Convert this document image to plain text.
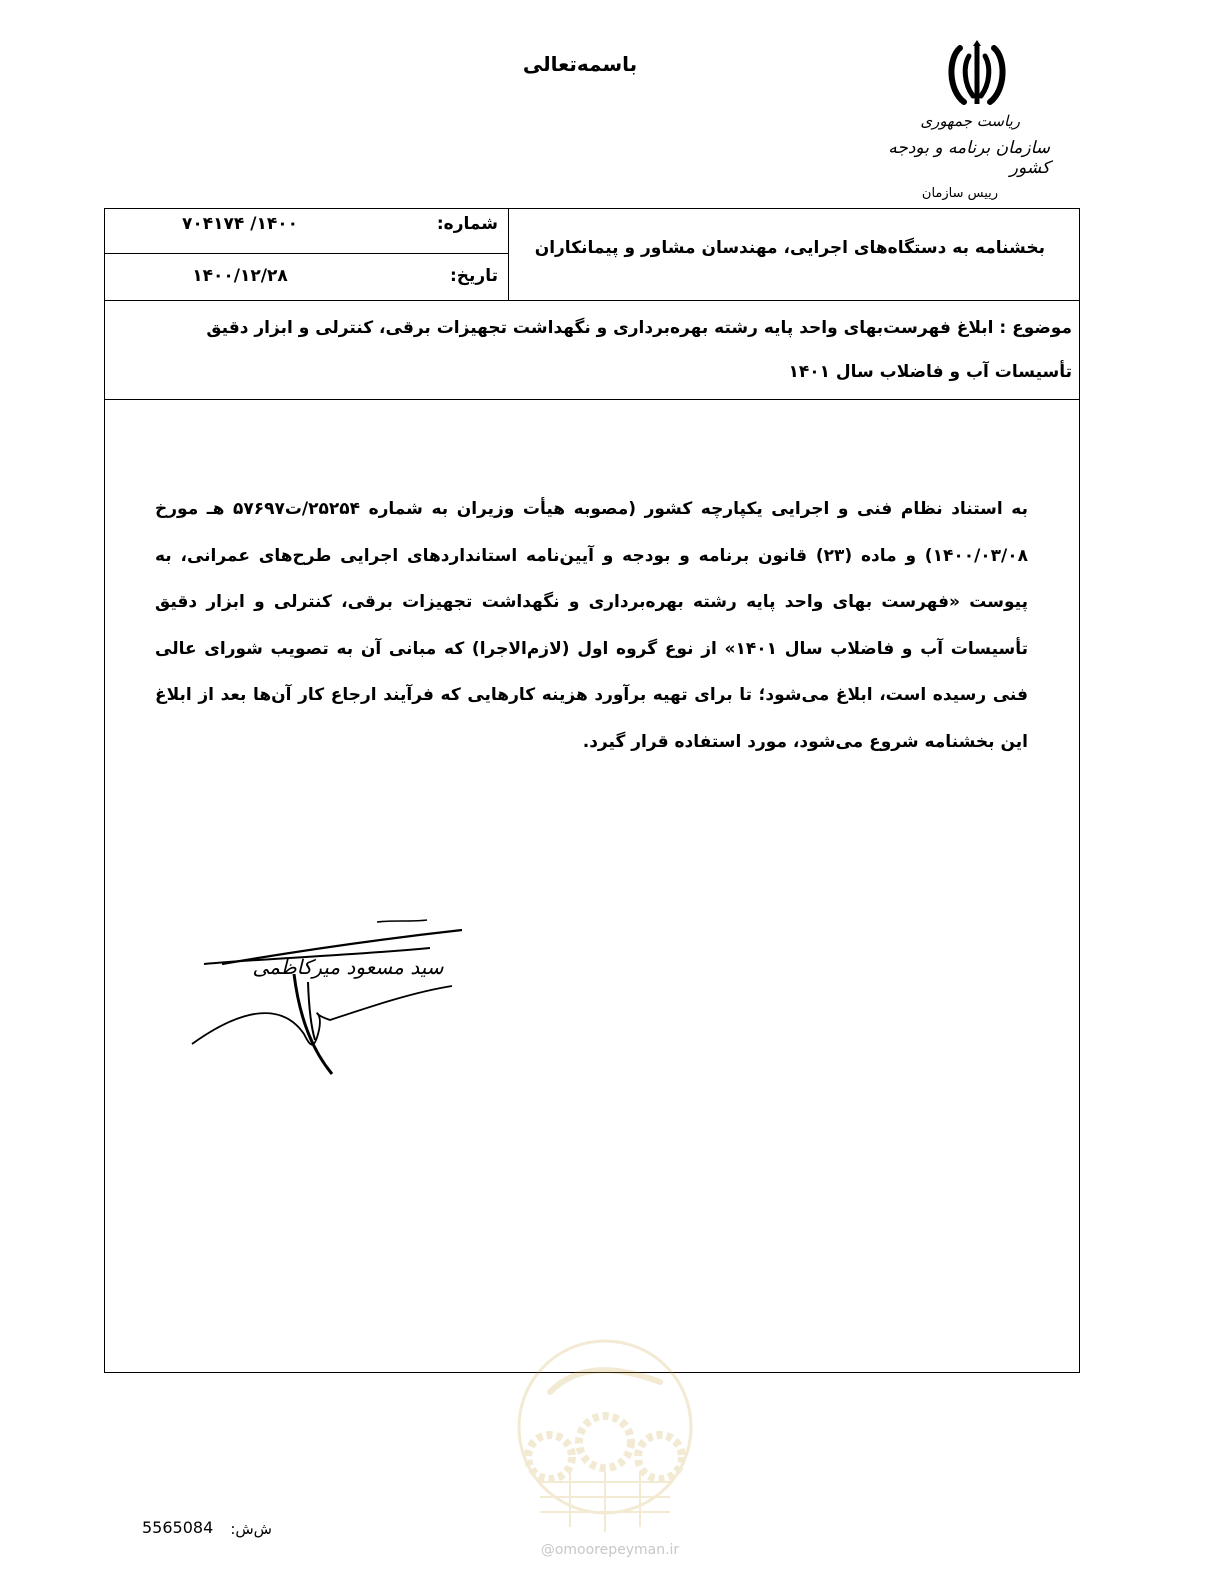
باسمه‌تعالی
ریاست جمهوری
سازمان برنامه و بودجه کشور
رییس سازمان
بخشنامه به دستگاه‌های اجرایی، مهندسان مشاور و پیمانکاران
شماره:
۱۴۰۰/ ۷۰۴۱۷۴
تاریخ:
۱۴۰۰/۱۲/۲۸
موضوع : ابلاغ فهرست‌بهای واحد پایه رشته بهره‌برداری و نگهداشت تجهیزات برقی، کنترلی و ابزار دقیق تأسیسات آب و فاضلاب سال ۱۴۰۱
به استناد نظام فنی و اجرایی یکپارچه کشور (مصوبه هیأت وزیران به شماره ۲۵۲۵۴/ت۵۷۶۹۷ هـ مورخ ۱۴۰۰/۰۳/۰۸) و ماده (۲۳) قانون برنامه و بودجه و آیین‌نامه استانداردهای اجرایی طرح‌های عمرانی، به پیوست «فهرست بهای واحد پایه رشته بهره‌برداری و نگهداشت تجهیزات برقی، کنترلی و ابزار دقیق تأسیسات آب و فاضلاب سال ۱۴۰۱» از نوع گروه اول (لازم‌الاجرا) که مبانی آن به تصویب شورای عالی فنی رسیده است، ابلاغ می‌شود؛ تا برای تهیه برآورد هزینه کارهایی که فرآیند ارجاع کار آن‌ها بعد از ابلاغ این بخشنامه شروع می‌شود، مورد استفاده قرار گیرد.
سید مسعود میرکاظمی
@omoorepeyman.ir
ش‌ش:
5565084
